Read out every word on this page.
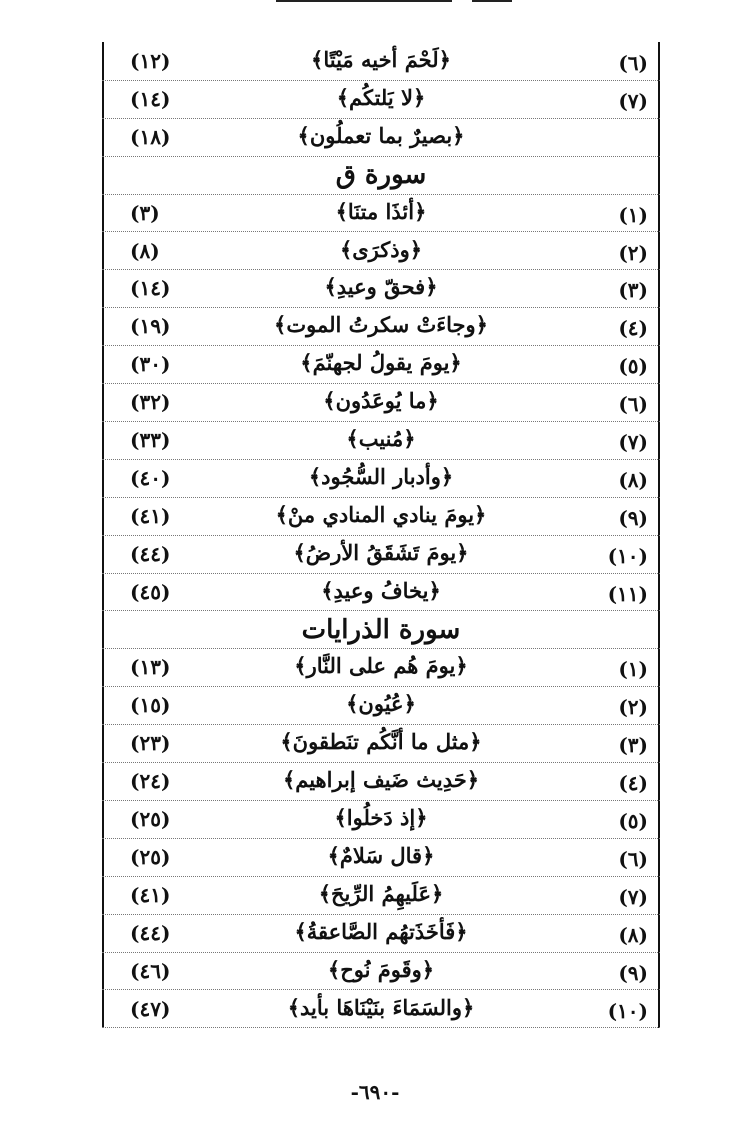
(١٢)	﴿لَحْمَ أخيه مَيْتًا﴾	(٦)
(١٤)	﴿لا يَلتكُم﴾	(٧)
(١٨)	﴿بصيرٌ بما تعملُون﴾
سورة ق
(٣)	﴿أئذَا متنَا﴾	(١)
(٨)	﴿وذكرَى﴾	(٢)
(١٤)	﴿فحقّ وعيدِ﴾	(٣)
(١٩)	﴿وجاءَتْ سكرتُ الموت﴾	(٤)
(٣٠)	﴿يومَ يقولُ لجهنّمَ﴾	(٥)
(٣٢)	﴿ما يُوعَدُون﴾	(٦)
(٣٣)	﴿مُنيب﴾	(٧)
(٤٠)	﴿وأدبار السُّجُود﴾	(٨)
(٤١)	﴿يومَ ينادي المنادي منْ﴾	(٩)
(٤٤)	﴿يومَ تَشَقَقُ الأرضُ﴾	(١٠)
(٤٥)	﴿يخافُ وعيدِ﴾	(١١)
سورة الذرايات
(١٣)	﴿يومَ هُم على النَّار﴾	(١)
(١٥)	﴿عُيُون﴾	(٢)
(٢٣)	﴿مثل ما أنَّكُم تنَطقونَ﴾	(٣)
(٢٤)	﴿حَدِيث ضَيف إبراهيم﴾	(٤)
(٢٥)	﴿إذ دَخلُوا﴾	(٥)
(٢٥)	﴿قال سَلامٌ﴾	(٦)
(٤١)	﴿عَلَيهِمُ الرِّيحَ﴾	(٧)
(٤٤)	﴿فَأخَذَتهُم الصَّاعقةُ﴾	(٨)
(٤٦)	﴿وقَومَ نُوح﴾	(٩)
(٤٧)	﴿والسَمَاءَ بنَيْنَاهَا بأيد﴾	(١٠)
-٦٩٠-
